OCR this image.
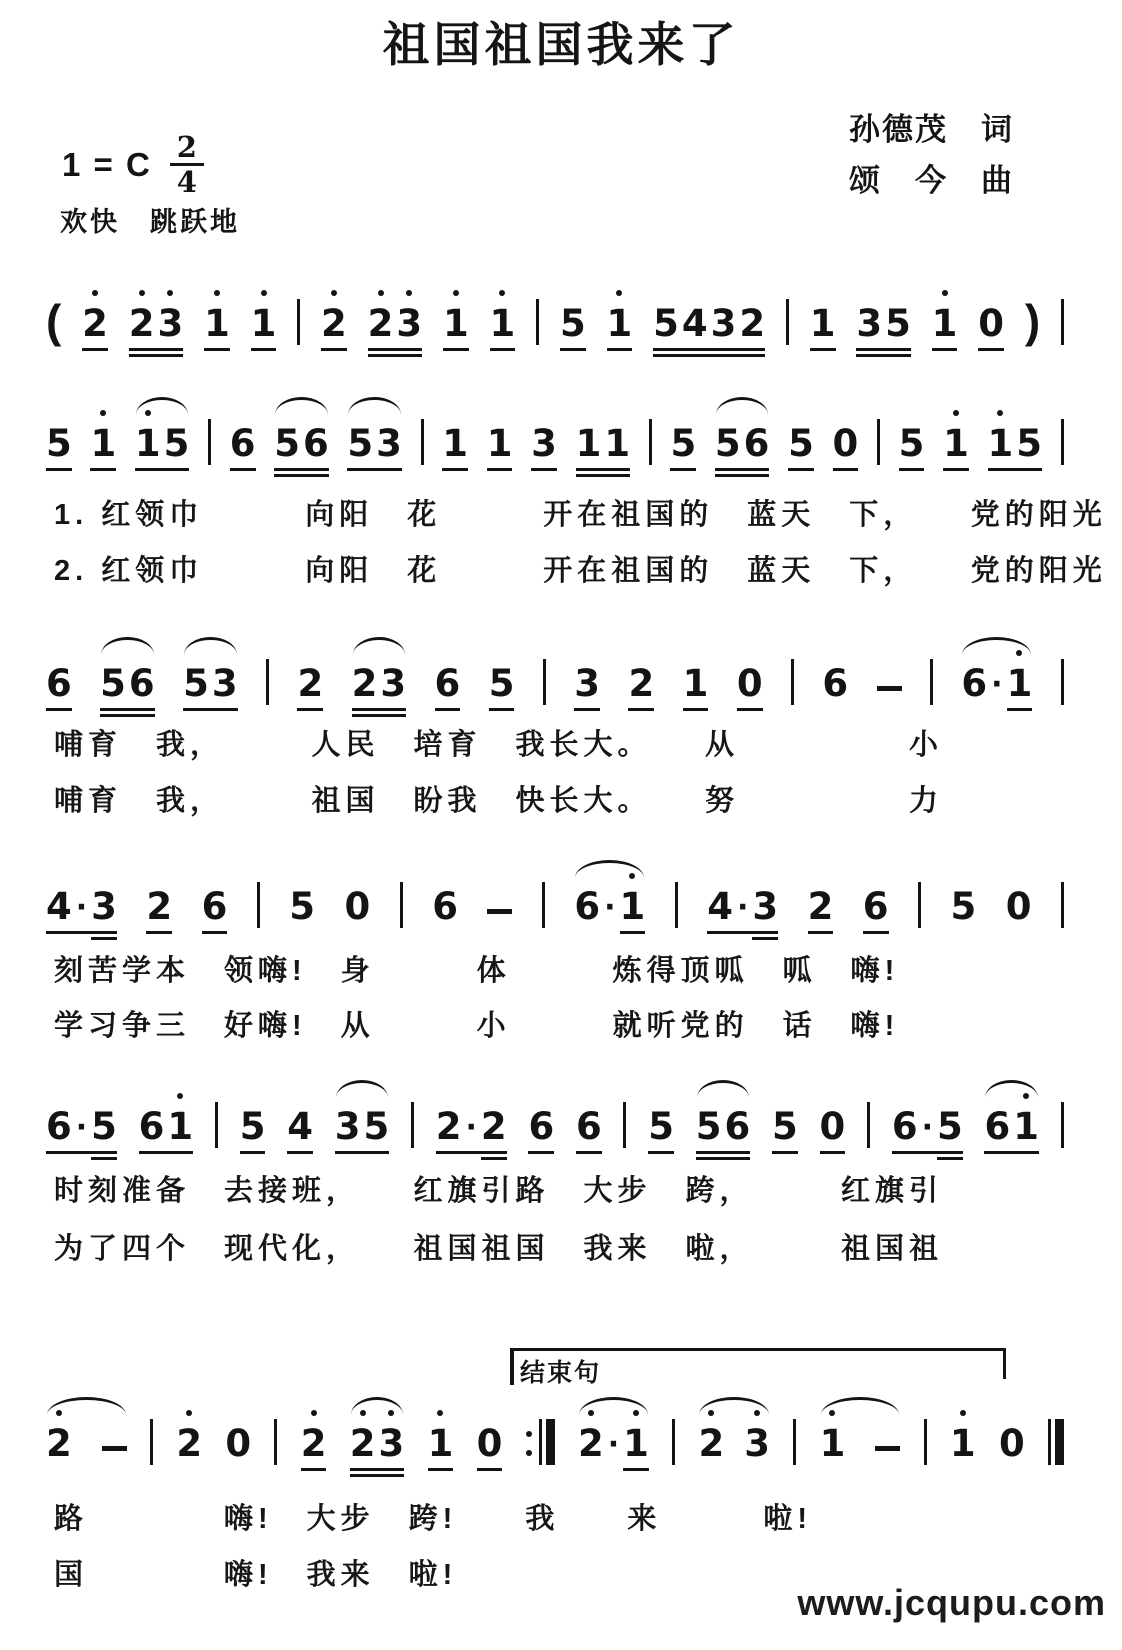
祖国祖国我来了
孙德茂　词
颂　今　曲
1 = C $\frac{2}{4}$
欢快　跳跃地
( 2 2 3 1 1 2 2 3 1 1 5 1 5 4 3 2 1 3 5 1 0 )
5 1 1 5 6 5 6 5 3 1 1 3 1 1 5 5 6 5 0 5 1 1 5
1. 红领巾　　　向阳　花　　　开在祖国的　蓝天　下，　　党的阳光
2. 红领巾　　　向阳　花　　　开在祖国的　蓝天　下，　　党的阳光
6 5 6 5 3 2 2 3 6 5 3 2 1 0 6	6 · 1
哺育　我，　　　人民　培育　我长大。　　从　　　　　小
哺育　我，　　　祖国　盼我　快长大。　　努　　　　　力
4 · 3 2 6 5 0 6	6 · 1 4 · 3 2 6 5 0
刻苦学本　领嗨!　身　　　体　　　炼得顶呱　呱　嗨!
学习争三　好嗨!　从　　　小　　　就听党的　话　嗨!
6 · 5 6 1 5 4 3 5 2 · 2 6 6 5 5 6 5 0 6 · 5 6 1
时刻准备　去接班，　　红旗引路　大步　跨，　　　红旗引
为了四个　现代化，　　祖国祖国　我来　啦，　　　祖国祖
结束句
2	2 0 2 2 3 1 0 2 · 1 2 3 1	1 0
路　　　　嗨!　大步　跨!　　我　　来　　　啦!
国　　　　嗨!　我来　啦!
www.jcqupu.com
